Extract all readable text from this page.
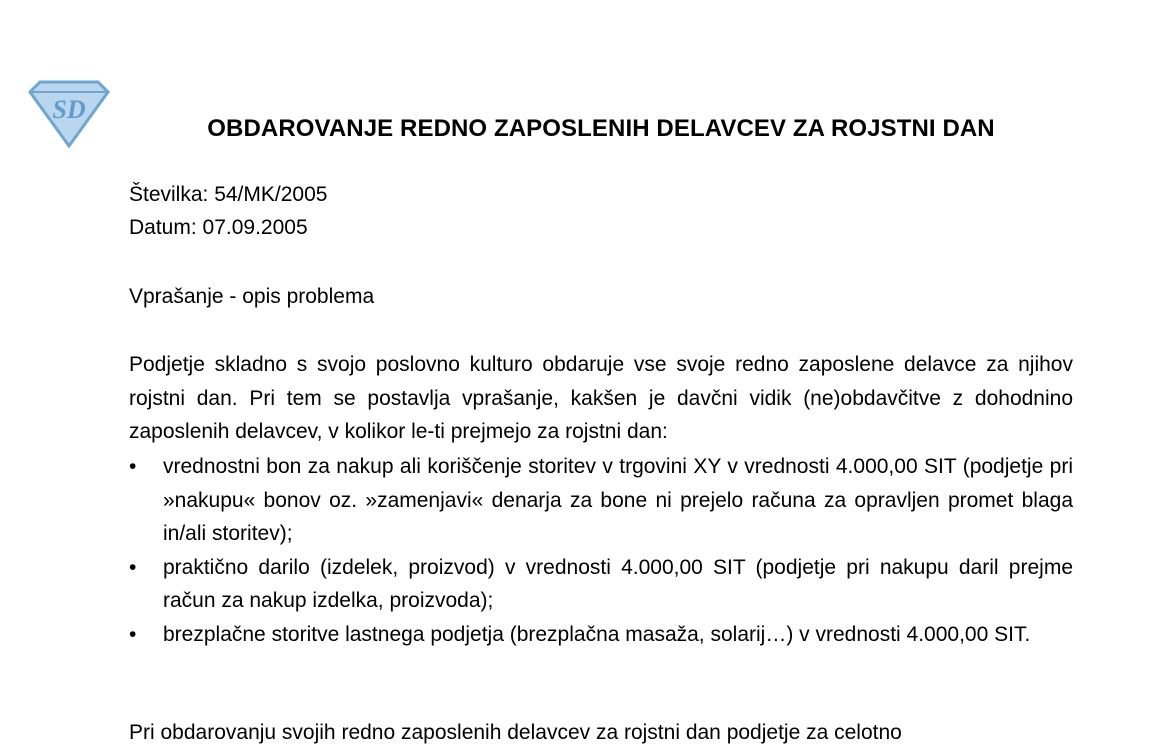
SD
OBDAROVANJE REDNO ZAPOSLENIH DELAVCEV ZA ROJSTNI DAN
Številka: 54/MK/2005
Datum: 07.09.2005
Vprašanje - opis problema
Podjetje skladno s svojo poslovno kulturo obdaruje vse svoje redno zaposlene delavce za njihov rojstni dan. Pri tem se postavlja vprašanje, kakšen je davčni vidik (ne)obdavčitve z dohodnino zaposlenih delavcev, v kolikor le-ti prejmejo za rojstni dan:
• vrednostni bon za nakup ali koriščenje storitev v trgovini XY v vrednosti 4.000,00 SIT (podjetje pri »nakupu« bonov oz. »zamenjavi« denarja za bone ni prejelo računa za opravljen promet blaga in/ali storitev);
• praktično darilo (izdelek, proizvod) v vrednosti 4.000,00 SIT (podjetje pri nakupu daril prejme račun za nakup izdelka, proizvoda);
• brezplačne storitve lastnega podjetja (brezplačna masaža, solarij…) v vrednosti 4.000,00 SIT.
Pri obdarovanju svojih redno zaposlenih delavcev za rojstni dan podjetje za celotno
